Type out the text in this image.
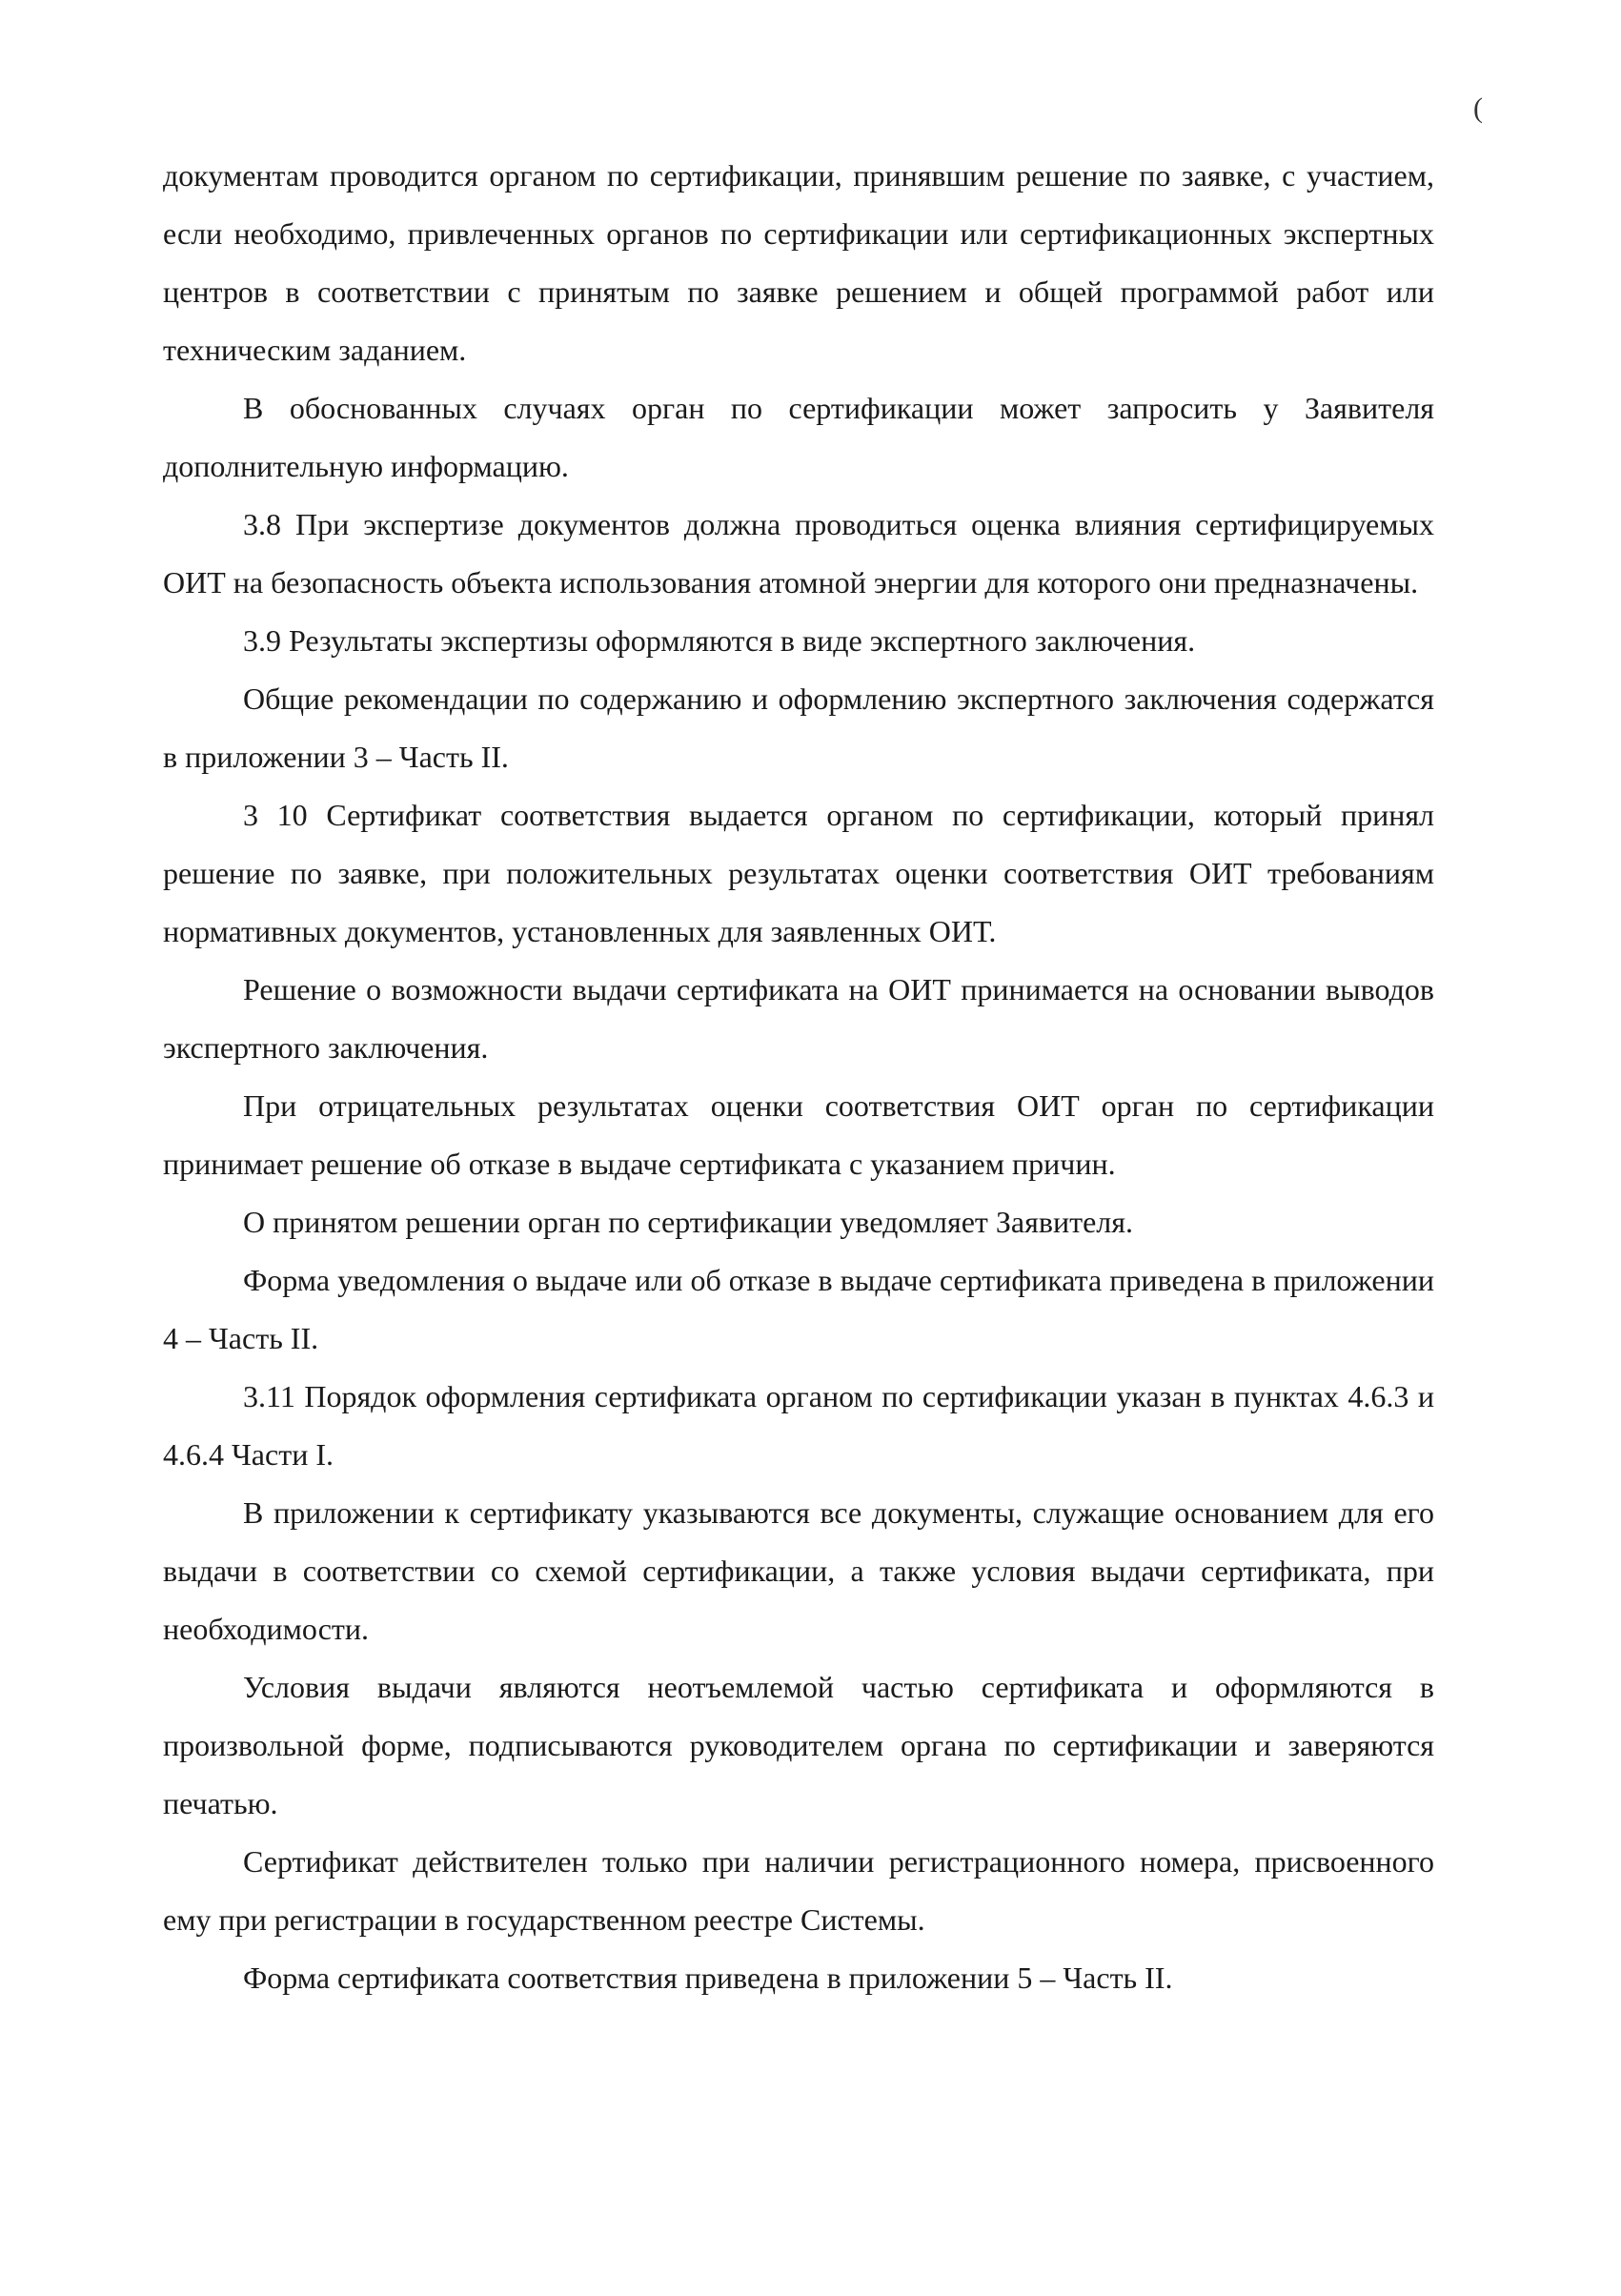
(

документам проводится органом по сертификации, принявшим решение по заявке, с участием, если необходимо, привлеченных органов по сертификации или сертификационных экспертных центров в соответствии с принятым по заявке решением и общей программой работ или техническим заданием.

В обоснованных случаях орган по сертификации может запросить у Заявителя дополнительную информацию.

3.8 При экспертизе документов должна проводиться оценка влияния сертифицируемых ОИТ на безопасность объекта использования атомной энергии для которого они предназначены.

3.9 Результаты экспертизы оформляются в виде экспертного заключения.

Общие рекомендации по содержанию и оформлению экспертного заключения содержатся в приложении 3 – Часть II.

3 10 Сертификат соответствия выдается органом по сертификации, который принял решение по заявке, при положительных результатах оценки соответствия ОИТ требованиям нормативных документов, установленных для заявленных ОИТ.

Решение о возможности выдачи сертификата на ОИТ принимается на основании выводов экспертного заключения.

При отрицательных результатах оценки соответствия ОИТ орган по сертификации принимает решение об отказе в выдаче сертификата с указанием причин.

О принятом решении орган по сертификации уведомляет Заявителя.

Форма уведомления о выдаче или об отказе в выдаче сертификата приведена в приложении 4 – Часть II.

3.11 Порядок оформления сертификата органом по сертификации указан в пунктах 4.6.3 и 4.6.4 Части I.

В приложении к сертификату указываются все документы, служащие основанием для его выдачи в соответствии со схемой сертификации, а также условия выдачи сертификата, при необходимости.

Условия выдачи являются неотъемлемой частью сертификата и оформляются в произвольной форме, подписываются руководителем органа по сертификации и заверяются печатью.

Сертификат действителен только при наличии регистрационного номера, присвоенного ему при регистрации в государственном реестре Системы.

Форма сертификата соответствия приведена в приложении 5 – Часть II.
